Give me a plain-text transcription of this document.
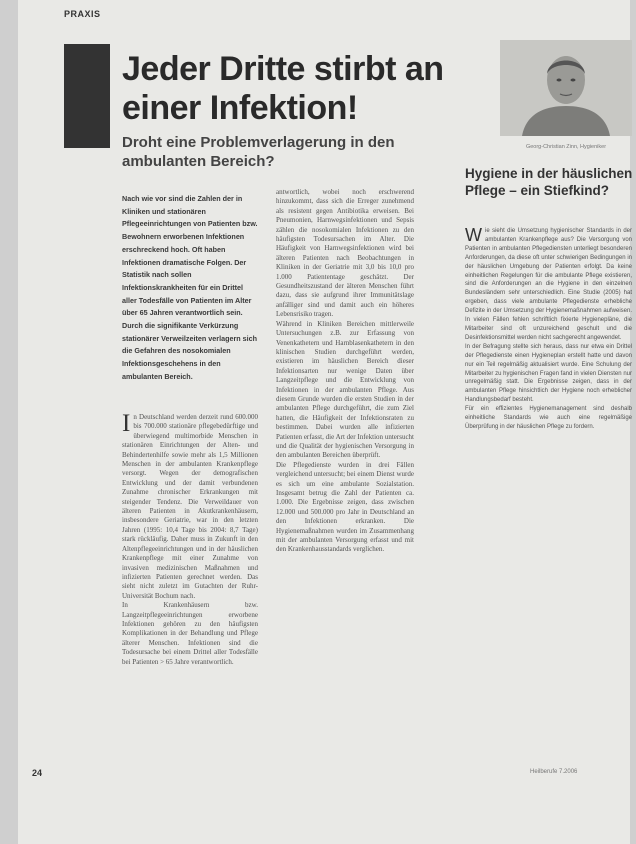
PRAXIS
Jeder Dritte stirbt an einer Infektion!
Droht eine Problemverlagerung in den ambulanten Bereich?

Georg-Christian Zinn, Hygieniker

Nach wie vor sind die Zahlen der in Kliniken und stationären Pflegeeinrichtungen von Patienten bzw. Bewohnern erworbenen Infektionen erschreckend hoch. Oft haben Infektionen dramatische Folgen. Der Statistik nach sollen Infektionskrankheiten für ein Drittel aller Todesfälle von Patienten im Alter über 65 Jahren verantwortlich sein. Durch die signifikante Verkürzung stationärer Verweilzeiten verlagern sich die Gefahren des nosokomialen Infektionsgeschehens in den ambulanten Bereich.

In Deutschland werden derzeit rund 600.000 bis 700.000 stationäre pflegebedürftige und überwiegend multimorbide Menschen in stationären Einrichtungen der Alten- und Behindertenhilfe sowie mehr als 1,5 Millionen Menschen in der ambulanten Krankenpflege versorgt. Wegen der demografischen Entwicklung und der damit verbundenen Zunahme chronischer Erkrankungen mit steigender Tendenz. Die Verweildauer von älteren Patienten in Akutkrankenhäusern, insbesondere Geriatrie, war in den letzten Jahren (1995: 10,4 Tage bis 2004: 8,7 Tage) stark rückläufig. Daher muss in Zukunft in den Altenpflegeeinrichtungen und in der häuslichen Krankenpflege mit einer Zunahme von invasiven medizinischen Maßnahmen und infizierten Patienten gerechnet werden. Das sieht nicht zuletzt im Gutachten der Ruhr-Universität Bochum nach.

In Krankenhäusern bzw. Langzeitpflegeeinrichtungen erworbene Infektionen gehören zu den häufigsten Komplikationen in der Behandlung und Pflege älterer Menschen. Infektionen sind die Todesursache bei einem Drittel aller Todesfälle bei Patienten > 65 Jahre verantwortlich.

antwortlich, wobei noch erschwerend hinzukommt, dass sich die Erreger zunehmend als resistent gegen Antibiotika erweisen. Bei Pneumonien, Harnwegsinfektionen und Sepsis zählen die nosokomialen Infektionen zu den häufigsten Todesursachen im Alter. Die Häufigkeit von Harnwegsinfektionen wird bei älteren Patienten nach Beobachtungen in Kliniken in der Geriatrie mit 3,0 bis 10,0 pro 1.000 Patiententage geschätzt. Der Gesundheitszustand der älteren Menschen führt dazu, dass sie aufgrund ihrer Immunitätslage anfälliger sind und damit auch ein höheres Lebensrisiko tragen.

Während in Kliniken Bereichen mittlerweile Untersuchungen z.B. zur Erfassung von Venenkathetern und Harnblasenkathetern in den klinischen Studien durchgeführt werden, existieren im häuslichen Bereich dieser Infektionsarten nur wenige Daten über Langzeitpflege und die Entwicklung von Infektionen in der ambulanten Pflege. Aus diesem Grunde wurden die ersten Studien in der ambulanten Pflege durchgeführt, die zum Ziel hatten, die Häufigkeit der Infektionsraten zu bestimmen. Dabei wurden alle infizierten Patienten erfasst, die Art der Infektion untersucht und die Qualität der hygienischen Versorgung in den ambulanten Bereichen überprüft.

Die Pflegedienste wurden in drei Fällen vergleichend untersucht; bei einem Dienst wurde es sich um eine ambulante Sozialstation. Insgesamt betrug die Zahl der Patienten ca. 1.000. Die Ergebnisse zeigen, dass zwischen 12.000 und 500.000 pro Jahr in Deutschland an den Infektionen erkranken. Die Hygienemaßnahmen wurden im Zusammenhang mit der ambulanten Versorgung erfasst und mit den Krankenhausstandards verglichen.

Hygiene in der häuslichen Pflege – ein Stiefkind?

Wie sieht die Umsetzung hygienischer Standards in der ambulanten Krankenpflege aus? Die Versorgung von Patienten in ambulanten Pflegediensten unterliegt besonderen Anforderungen, da diese oft unter schwierigen Bedingungen in der häuslichen Umgebung der Patienten erfolgt. Da keine einheitlichen Regelungen für die ambulante Pflege existieren, sind die Anforderungen an die Hygiene in den einzelnen Bundesländern sehr unterschiedlich. Eine Studie (2005) hat ergeben, dass viele ambulante Pflegedienste erhebliche Defizite in der Umsetzung der Hygienemaßnahmen aufweisen. In vielen Fällen fehlen schriftlich fixierte Hygienepläne, die Mitarbeiter sind oft unzureichend geschult und die Desinfektionsmittel werden nicht sachgerecht angewendet.

In der Befragung stellte sich heraus, dass nur etwa ein Drittel der Pflegedienste einen Hygieneplan erstellt hatte und davon nur ein Teil regelmäßig aktualisiert wurde. Eine Schulung der Mitarbeiter zu hygienischen Fragen fand in vielen Diensten nur unregelmäßig statt. Die Ergebnisse zeigen, dass in der ambulanten Pflege hinsichtlich der Hygiene noch erheblicher Handlungsbedarf besteht.

Für ein effizientes Hygienemanagement sind deshalb einheitliche Standards wie auch eine regelmäßige Überprüfung in der häuslichen Pflege zu fordern.

24	Heilberufe 7.2006
